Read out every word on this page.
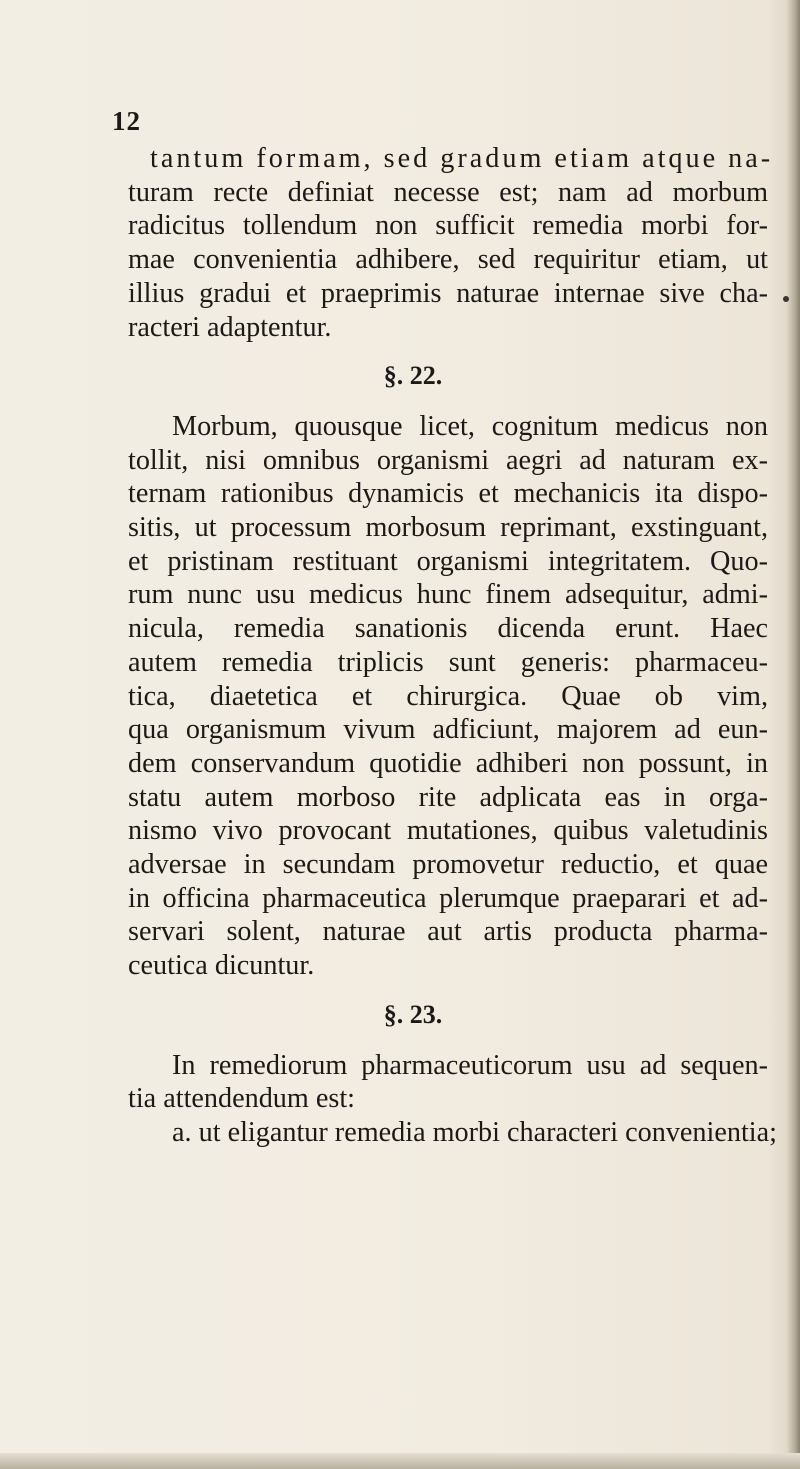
12
tantum formam, sed gradum etiam atque na-
turam recte definiat necesse est; nam ad morbum
radicitus tollendum non sufficit remedia morbi for-
mae convenientia adhibere, sed requiritur etiam, ut
illius gradui et praeprimis naturae internae sive cha-
racteri adaptentur.
§. 22.
Morbum, quousque licet, cognitum medicus non
tollit, nisi omnibus organismi aegri ad naturam ex-
ternam rationibus dynamicis et mechanicis ita dispo-
sitis, ut processum morbosum reprimant, exstinguant,
et pristinam restituant organismi integritatem. Quo-
rum nunc usu medicus hunc finem adsequitur, admi-
nicula, remedia sanationis dicenda erunt. Haec
autem remedia triplicis sunt generis: pharmaceu-
tica, diaetetica et chirurgica. Quae ob vim,
qua organismum vivum adficiunt, majorem ad eun-
dem conservandum quotidie adhiberi non possunt, in
statu autem morboso rite adplicata eas in orga-
nismo vivo provocant mutationes, quibus valetudinis
adversae in secundam promovetur reductio, et quae
in officina pharmaceutica plerumque praeparari et ad-
servari solent, naturae aut artis producta pharma-
ceutica dicuntur.
§. 23.
In remediorum pharmaceuticorum usu ad sequen-
tia attendendum est:
a. ut eligantur remedia morbi characteri convenientia;
